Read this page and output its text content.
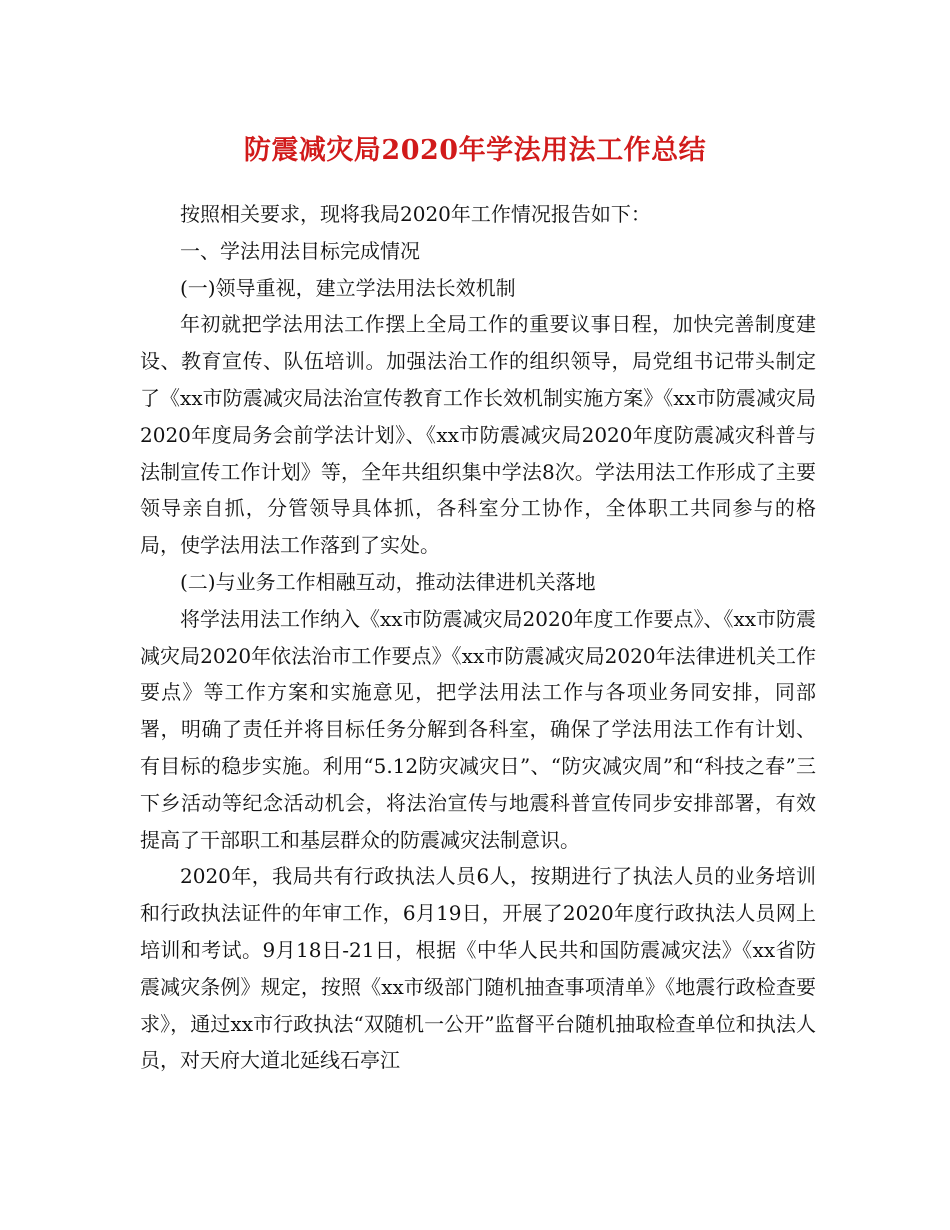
防震减灾局2020年学法用法工作总结

按照相关要求，现将我局2020年工作情况报告如下：

一、学法用法目标完成情况

(一)领导重视，建立学法用法长效机制

年初就把学法用法工作摆上全局工作的重要议事日程，加快完善制度建设、教育宣传、队伍培训。加强法治工作的组织领导，局党组书记带头制定了《xx市防震减灾局法治宣传教育工作长效机制实施方案》《xx市防震减灾局2020年度局务会前学法计划》、《xx市防震减灾局2020年度防震减灾科普与法制宣传工作计划》等，全年共组织集中学法8次。学法用法工作形成了主要领导亲自抓，分管领导具体抓，各科室分工协作，全体职工共同参与的格局，使学法用法工作落到了实处。

(二)与业务工作相融互动，推动法律进机关落地

将学法用法工作纳入《xx市防震减灾局2020年度工作要点》、《xx市防震减灾局2020年依法治市工作要点》《xx市防震减灾局2020年法律进机关工作要点》等工作方案和实施意见，把学法用法工作与各项业务同安排，同部署，明确了责任并将目标任务分解到各科室，确保了学法用法工作有计划、有目标的稳步实施。利用“5.12防灾减灾日”、“防灾减灾周”和“科技之春”三下乡活动等纪念活动机会，将法治宣传与地震科普宣传同步安排部署，有效提高了干部职工和基层群众的防震减灾法制意识。

2020年，我局共有行政执法人员6人，按期进行了执法人员的业务培训和行政执法证件的年审工作，6月19日，开展了2020年度行政执法人员网上培训和考试。9月18日-21日，根据《中华人民共和国防震减灾法》《xx省防震减灾条例》规定，按照《xx市级部门随机抽查事项清单》《地震行政检查要求》，通过xx市行政执法“双随机一公开”监督平台随机抽取检查单位和执法人员，对天府大道北延线石亭江
